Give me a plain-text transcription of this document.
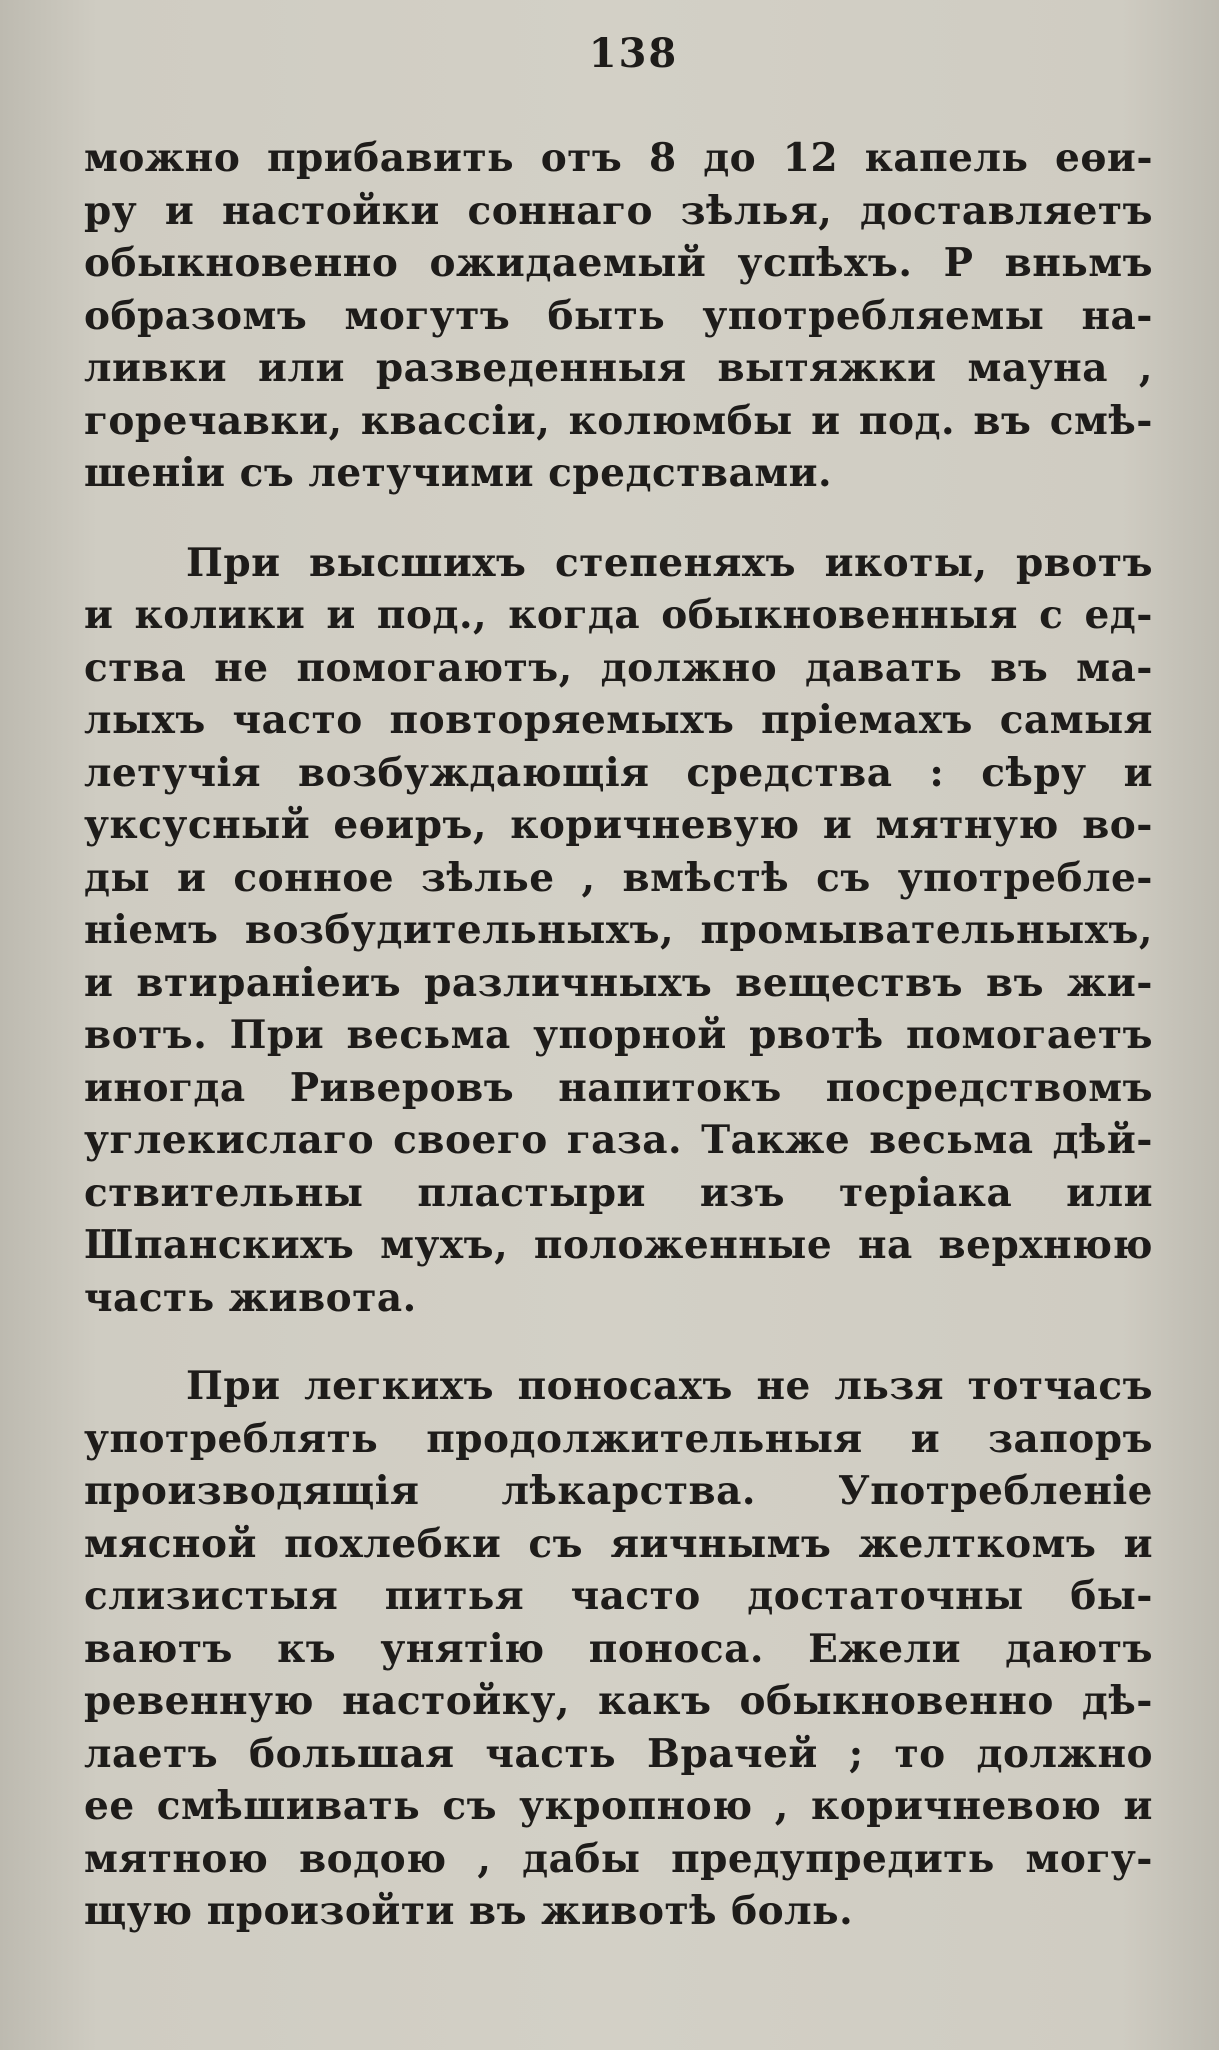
138
можно прибавить отъ 8 до 12 капель еөи-
ру и настойки соннаго зѣлья, доставляетъ
обыкновенно ожидаемый успѣхъ. Р вньмъ
образомъ могутъ быть употребляемы на-
ливки или разведенныя вытяжки мауна ,
горечавки, квассіи, колюмбы и под. въ смѣ-
шеніи съ летучими средствами.
При высшихъ степеняхъ икоты, рвотъ
и колики и под., когда обыкновенныя с ед-
ства не помогаютъ, должно давать въ ма-
лыхъ часто повторяемыхъ пріемахъ самыя
летучія возбуждающія средства : сѣру и
уксусный еөиръ, коричневую и мятную во-
ды и сонное зѣлье , вмѣстѣ съ употребле-
ніемъ возбудительныхъ, промывательныхъ,
и втираніеиъ различныхъ веществъ въ жи-
вотъ. При весьма упорной рвотѣ помогаетъ
иногда Риверовъ напитокъ посредствомъ
углекислаго своего газа. Также весьма дѣй-
ствительны пластыри изъ теріака или
Шпанскихъ мухъ, положенные на верхнюю
часть живота.
При легкихъ поносахъ не льзя тотчасъ
употреблять продолжительныя и запоръ
производящія лѣкарства. Употребленіе
мясной похлебки съ яичнымъ желткомъ и
слизистыя питья часто достаточны бы-
ваютъ къ унятію поноса. Ежели даютъ
ревенную настойку, какъ обыкновенно дѣ-
лаетъ большая часть Врачей ; то должно
ее смѣшивать съ укропною , коричневою и
мятною водою , дабы предупредить могу-
щую произойти въ животѣ боль.
